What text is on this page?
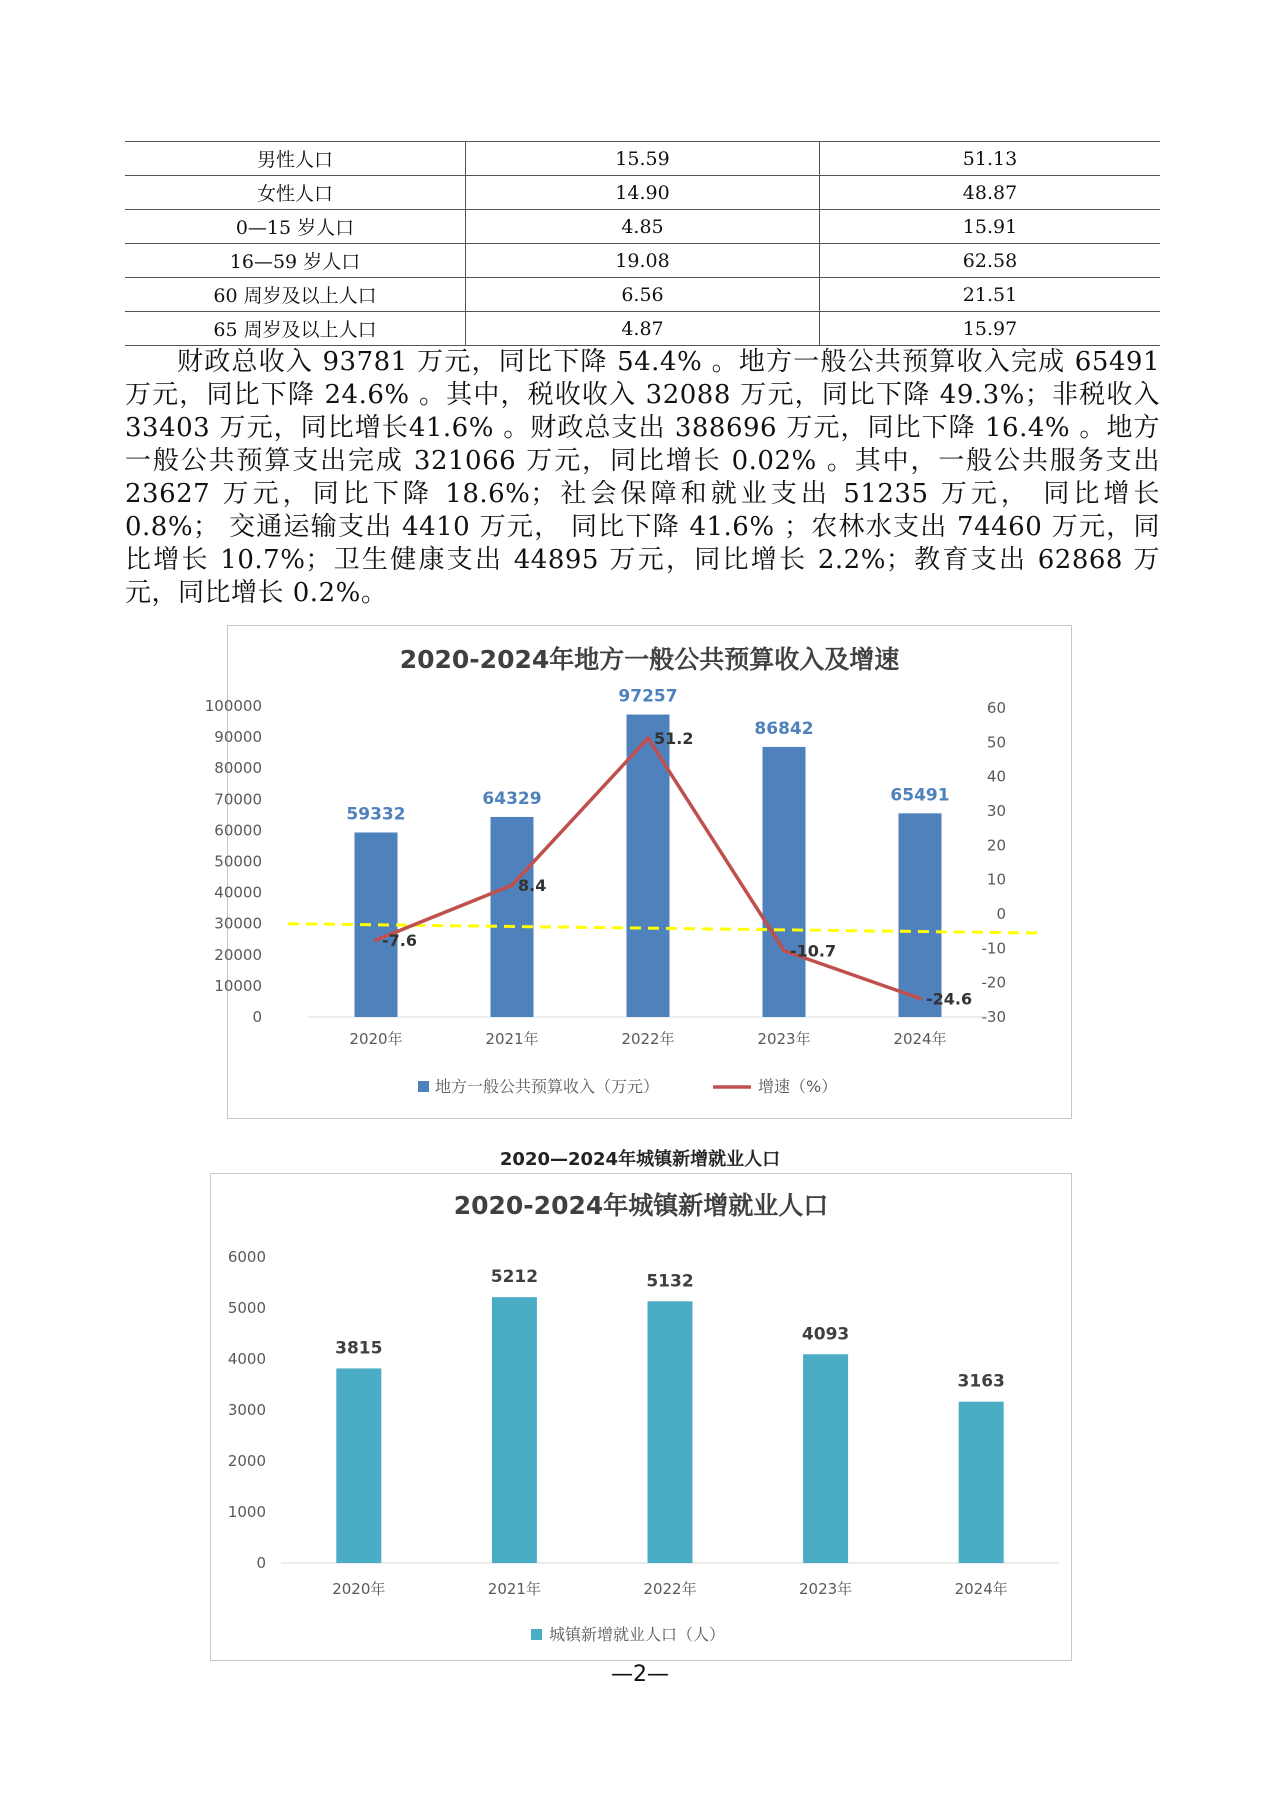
男性人口	15.59	51.13
女性人口	14.90	48.87
0—15 岁人口	4.85	15.91
16—59 岁人口	19.08	62.58
60 周岁及以上人口	6.56	21.51
65 周岁及以上人口	4.87	15.97

财政总收入 93781 万元，同比下降 54.4% 。地方一般公共预算收入完成 65491 万元，同比下降 24.6% 。其中，税收收入 32088 万元，同比下降 49.3%；非税收入 33403 万元，同比增长41.6% 。财政总支出 388696 万元，同比下降 16.4% 。地方一般公共预算支出完成 321066 万元，同比增长 0.02% 。其中，一般公共服务支出 23627 万元，同比下降 18.6%；社会保障和就业支出 51235 万元， 同比增长 0.8%； 交通运输支出 4410 万元， 同比下降 41.6% ；农林水支出 74460 万元，同比增长 10.7%；卫生健康支出 44895 万元，同比增长 2.2%；教育支出 62868 万元，同比增长 0.2%。

2020-2024年地方一般公共预算收入及增速
0
10000
20000
30000
40000
50000
60000
70000
80000
90000
100000
-30
-20
-10
0
10
20
30
40
50
60
59332
64329
97257
86842
65491
-7.6
8.4
51.2
-10.7
-24.6
2020年	2021年	2022年	2023年	2024年
地方一般公共预算收入（万元）	增速（%）
2020—2024年城镇新增就业人口
2020-2024年城镇新增就业人口
0
1000
2000
3000
4000
5000
6000
3815
5212	5132
4093
3163
2020年	2021年	2022年	2023年	2024年
城镇新增就业人口（人）
—2—
